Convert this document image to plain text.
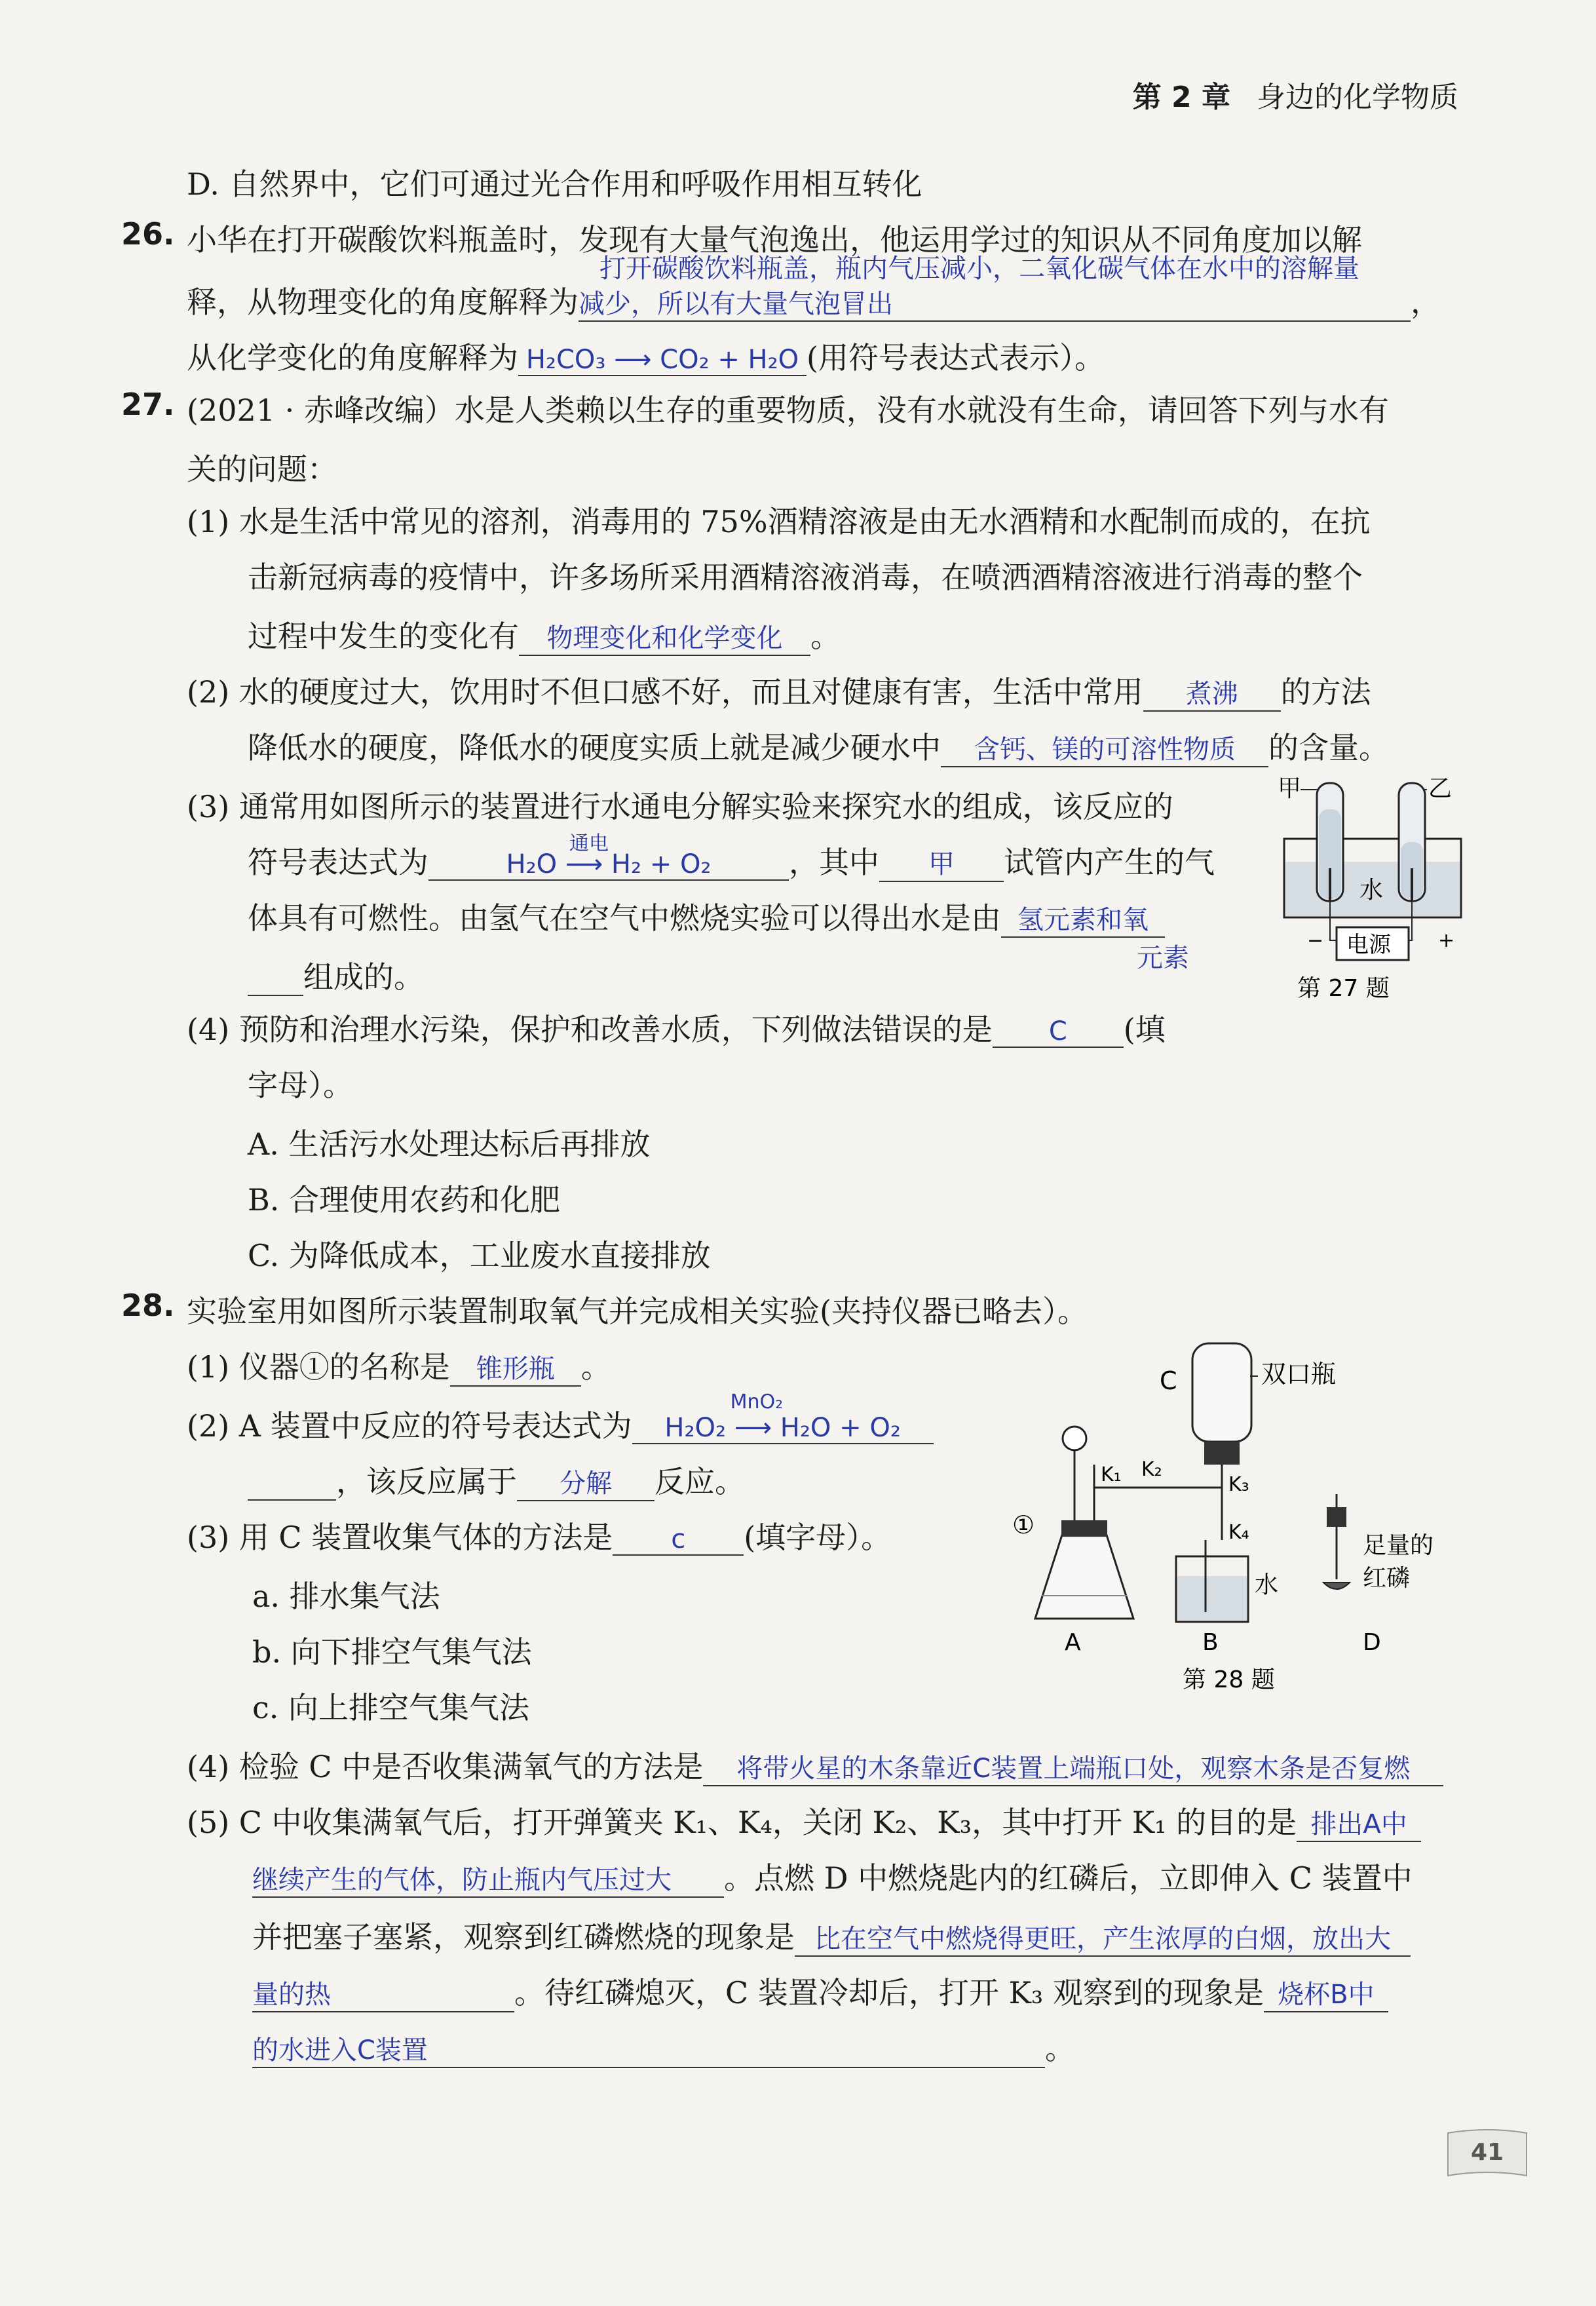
第 2 章 身边的化学物质
D. 自然界中，它们可通过光合作用和呼吸作用相互转化
26. 小华在打开碳酸饮料瓶盖时，发现有大量气泡逸出，他运用学过的知识从不同角度加以解
打开碳酸饮料瓶盖，瓶内气压减小，二氧化碳气体在水中的溶解量
释，从物理变化的角度解释为减少，所以有大量气泡冒出	，
从化学变化的角度解释为 H₂CO₃ ⟶ CO₂ + H₂O (用符号表达式表示）。
27. (2021 · 赤峰改编）水是人类赖以生存的重要物质，没有水就没有生命，请回答下列与水有
关的问题：
(1) 水是生活中常见的溶剂，消毒用的 75%酒精溶液是由无水酒精和水配制而成的，在抗
击新冠病毒的疫情中，许多场所采用酒精溶液消毒，在喷洒酒精溶液进行消毒的整个
过程中发生的变化有 物理变化和化学变化 。
(2) 水的硬度过大，饮用时不但口感不好，而且对健康有害，生活中常用 煮沸 的方法
降低水的硬度，降低水的硬度实质上就是减少硬水中 含钙、镁的可溶性物质 的含量。
(3) 通常用如图所示的装置进行水通电分解实验来探究水的组成，该反应的
符号表达式为
通电
H₂O ⟶ H₂ + O₂	，其中 甲 试管内产生的气
体具有可燃性。由氢气在空气中燃烧实验可以得出水是由 氢元素和氧
元素
组成的。
(4) 预防和治理水污染，保护和改善水质，下列做法错误的是 C (填
字母）。
A. 生活污水处理达标后再排放
B. 合理使用农药和化肥
C. 为降低成本，工业废水直接排放
甲	乙
水
−	+
电源
第 27 题
28. 实验室用如图所示装置制取氧气并完成相关实验(夹持仪器已略去）。
(1) 仪器①的名称是 锥形瓶 。
(2) A 装置中反应的符号表达式为
MnO₂
H₂O₂ ⟶ H₂O + O₂
，该反应属于 分解 反应。
(3) 用 C 装置收集气体的方法是 c (填字母）。
a. 排水集气法
b. 向下排空气集气法
c. 向上排空气集气法
(4) 检验 C 中是否收集满氧气的方法是 将带火星的木条靠近C装置上端瓶口处，观察木条是否复燃
(5) C 中收集满氧气后，打开弹簧夹 K₁、K₄，关闭 K₂、K₃，其中打开 K₁ 的目的是 排出A中
继续产生的气体，防止瓶内气压过大 。点燃 D 中燃烧匙内的红磷后，立即伸入 C 装置中
并把塞子塞紧，观察到红磷燃烧的现象是 比在空气中燃烧得更旺，产生浓厚的白烟，放出大
量的热	。待红磷熄灭，C 装置冷却后，打开 K₃ 观察到的现象是 烧杯B中
的水进入C装置	。
C	双口瓶
①
A
K₁ K₂
K₃
K₄
水
B
足量的
红磷
D
第 28 题
41
